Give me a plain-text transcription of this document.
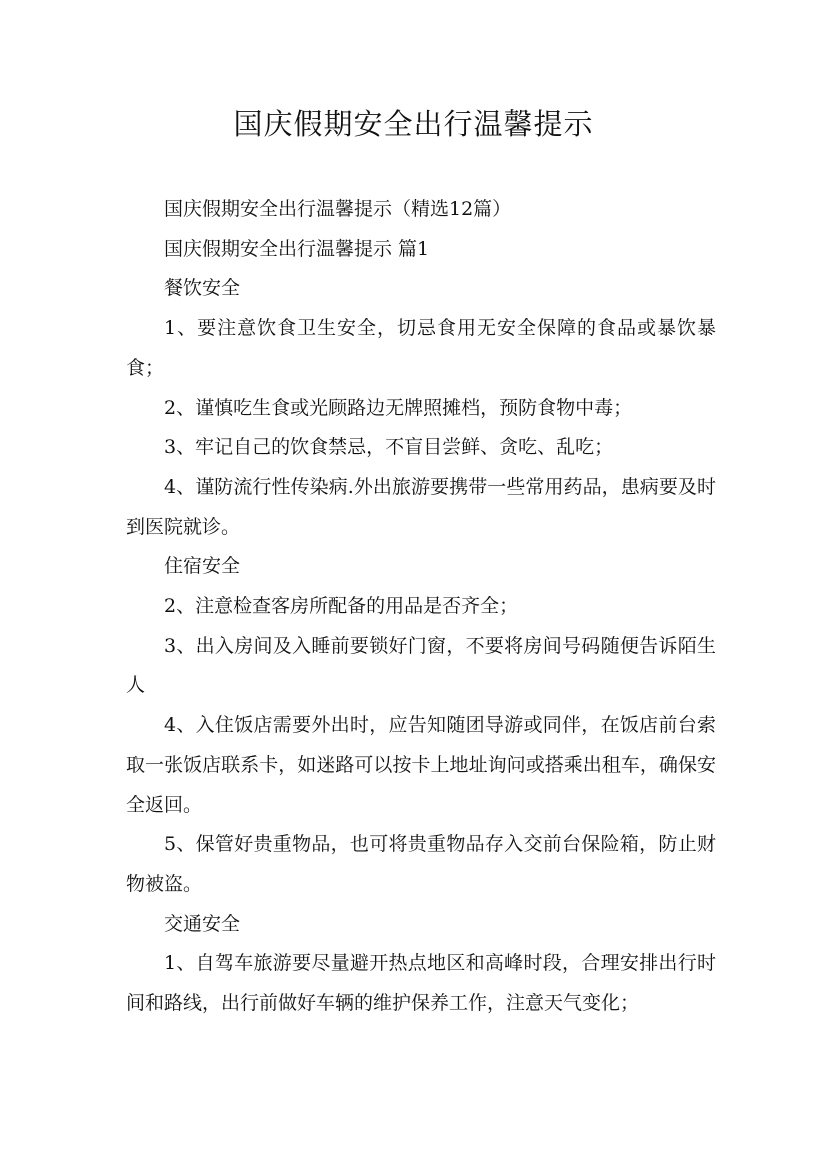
国庆假期安全出行温馨提示

国庆假期安全出行温馨提示（精选12篇）

国庆假期安全出行温馨提示 篇1

餐饮安全

1、要注意饮食卫生安全，切忌食用无安全保障的食品或暴饮暴食；

2、谨慎吃生食或光顾路边无牌照摊档，预防食物中毒；

3、牢记自己的饮食禁忌，不盲目尝鲜、贪吃、乱吃；

4、谨防流行性传染病.外出旅游要携带一些常用药品，患病要及时到医院就诊。

住宿安全

2、注意检查客房所配备的用品是否齐全；

3、出入房间及入睡前要锁好门窗，不要将房间号码随便告诉陌生人

4、入住饭店需要外出时，应告知随团导游或同伴，在饭店前台索取一张饭店联系卡，如迷路可以按卡上地址询问或搭乘出租车，确保安全返回。

5、保管好贵重物品，也可将贵重物品存入交前台保险箱，防止财物被盗。

交通安全

1、自驾车旅游要尽量避开热点地区和高峰时段，合理安排出行时间和路线，出行前做好车辆的维护保养工作，注意天气变化；
